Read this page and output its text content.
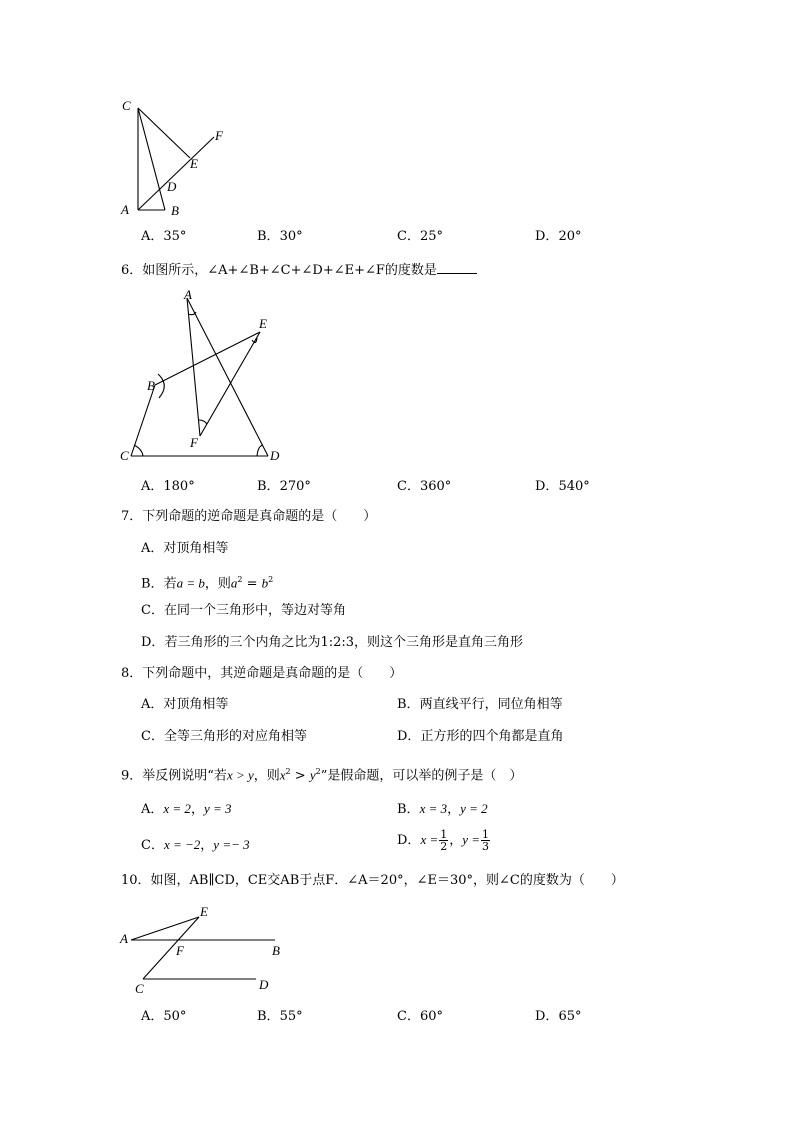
C
F
E
D
A	B
A．35°	B．30°	C．25°	D．20°
6．如图所示，∠A+∠B+∠C+∠D+∠E+∠F的度数是
A
E
B
F
C	D
A．180°	B．270°	C．360°	D．540°
7．下列命题的逆命题是真命题的是（　　）
A．对顶角相等
B．若a = b，则$a^2 = b^2$
C．在同一个三角形中，等边对等角
D．若三角形的三个内角之比为1:2:3，则这个三角形是直角三角形
8．下列命题中，其逆命题是真命题的是（　　）
A．对顶角相等	B．两直线平行，同位角相等
C．全等三角形的对应角相等	D．正方形的四个角都是直角
9．举反例说明“若x > y，则$x^2 > y^2$”是假命题，可以举的例子是（　）
A．x = 2，y = 3	B．x = 3，y = 2
C．x = −2，y =− 3	D．$x = \frac{1}{2}$ ，$y = \frac{1}{3}$
10．如图，AB∥CD，CE交AB于点F．∠A＝20°，∠E＝30°，则∠C的度数为（　　）
E
A
F	B
C	D
A．50°	B．55°	C．60°	D．65°
